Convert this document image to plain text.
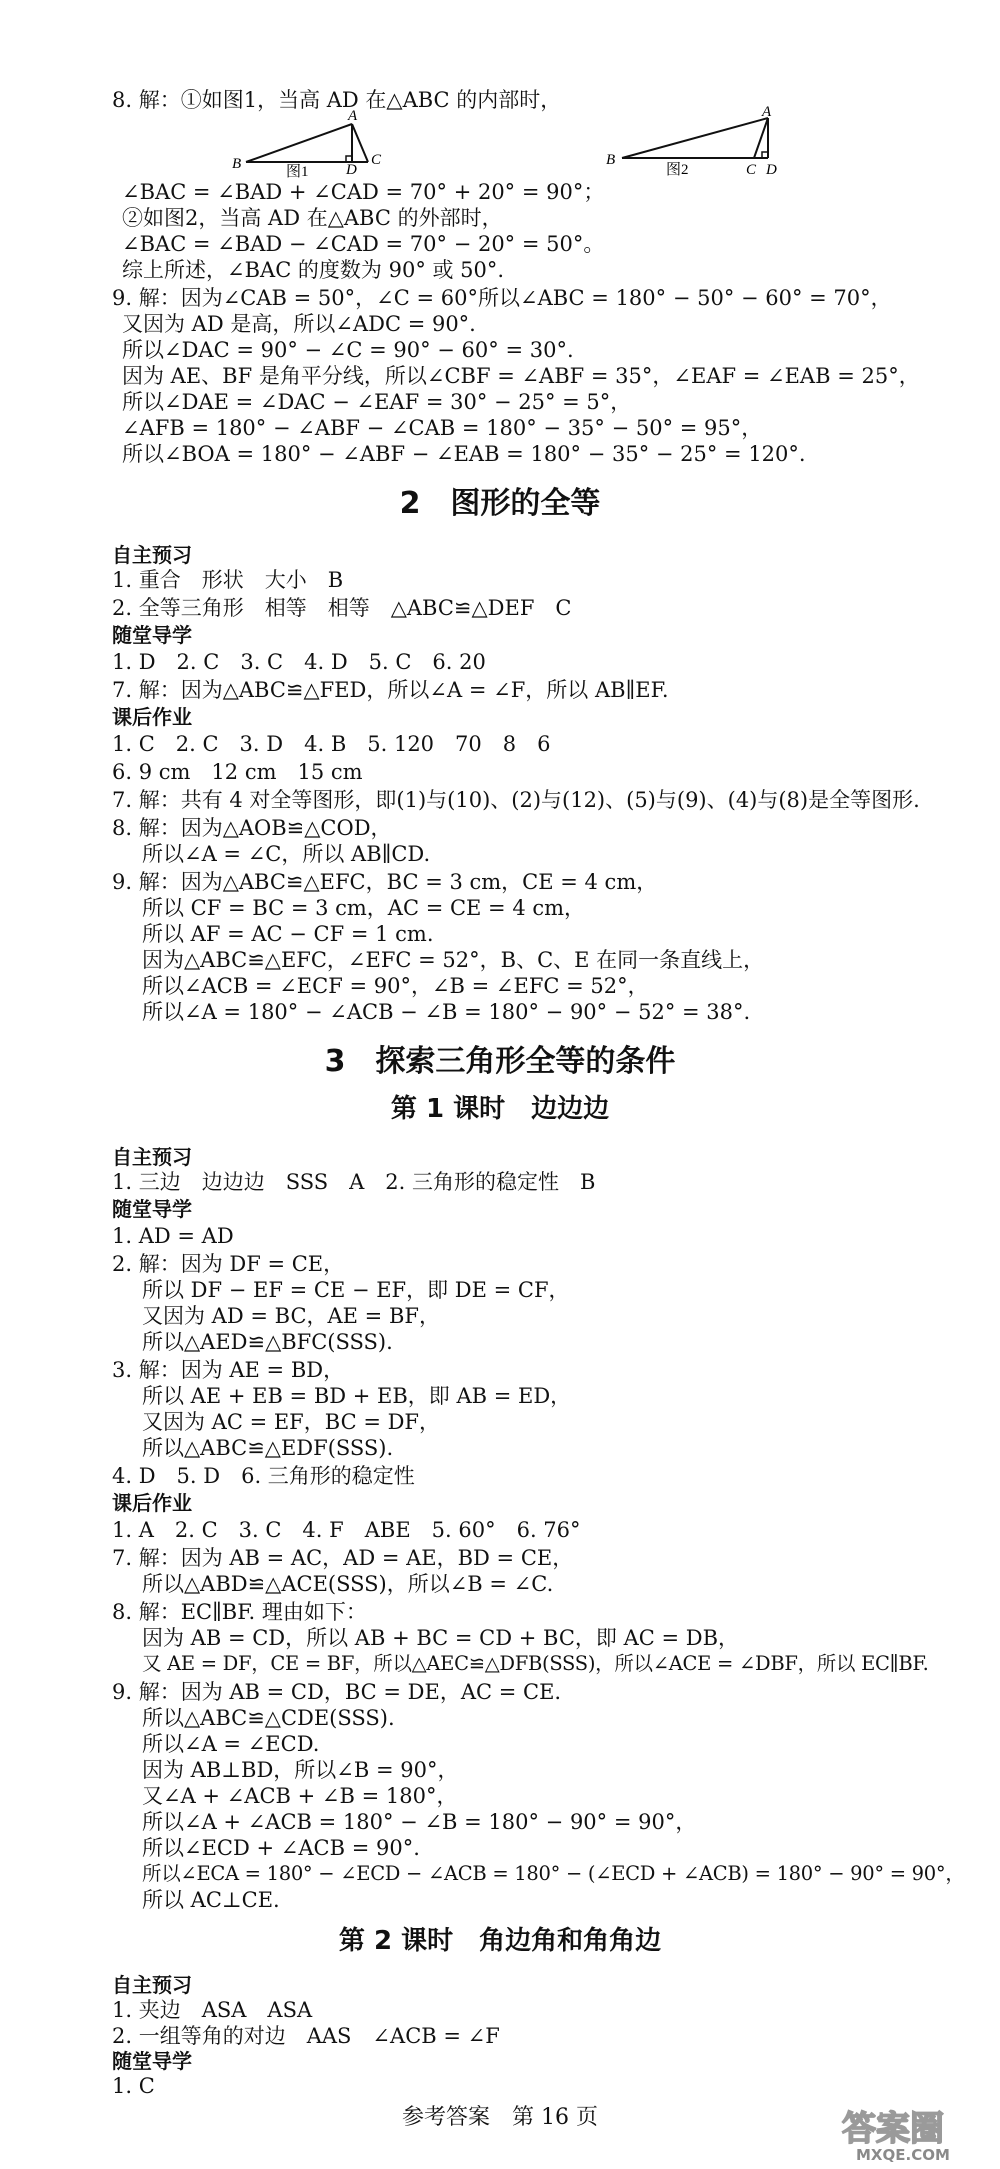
8. 解：①如图1，当高 AD 在△ABC 的内部时，
A
B	C
D
图1
A
B
C D
图2
∠BAC = ∠BAD + ∠CAD = 70° + 20° = 90°；
②如图2，当高 AD 在△ABC 的外部时，
∠BAC = ∠BAD − ∠CAD = 70° − 20° = 50°。
综上所述，∠BAC 的度数为 90° 或 50°.
9. 解：因为∠CAB = 50°，∠C = 60°所以∠ABC = 180° − 50° − 60° = 70°，
又因为 AD 是高，所以∠ADC = 90°.
所以∠DAC = 90° − ∠C = 90° − 60° = 30°.
因为 AE、BF 是角平分线，所以∠CBF = ∠ABF = 35°，∠EAF = ∠EAB = 25°，
所以∠DAE = ∠DAC − ∠EAF = 30° − 25° = 5°，
∠AFB = 180° − ∠ABF − ∠CAB = 180° − 35° − 50° = 95°，
所以∠BOA = 180° − ∠ABF − ∠EAB = 180° − 35° − 25° = 120°.
2　图形的全等
自主预习
1. 重合　形状　大小　B
2. 全等三角形　相等　相等　△ABC≌△DEF　C
随堂导学
1. D　2. C　3. C　4. D　5. C　6. 20
7. 解：因为△ABC≌△FED，所以∠A = ∠F，所以 AB∥EF.
课后作业
1. C　2. C　3. D　4. B　5. 120　70　8　6
6. 9 cm　12 cm　15 cm
7. 解：共有 4 对全等图形，即(1)与(10)、(2)与(12)、(5)与(9)、(4)与(8)是全等图形.
8. 解：因为△AOB≌△COD，
所以∠A = ∠C，所以 AB∥CD.
9. 解：因为△ABC≌△EFC，BC = 3 cm，CE = 4 cm，
所以 CF = BC = 3 cm，AC = CE = 4 cm，
所以 AF = AC − CF = 1 cm.
因为△ABC≌△EFC，∠EFC = 52°，B、C、E 在同一条直线上，
所以∠ACB = ∠ECF = 90°，∠B = ∠EFC = 52°，
所以∠A = 180° − ∠ACB − ∠B = 180° − 90° − 52° = 38°.
3　探索三角形全等的条件
第 1 课时　边边边
自主预习
1. 三边　边边边　SSS　A　2. 三角形的稳定性　B
随堂导学
1. AD = AD
2. 解：因为 DF = CE，
所以 DF − EF = CE − EF，即 DE = CF，
又因为 AD = BC，AE = BF，
所以△AED≌△BFC(SSS).
3. 解：因为 AE = BD，
所以 AE + EB = BD + EB，即 AB = ED，
又因为 AC = EF，BC = DF，
所以△ABC≌△EDF(SSS).
4. D　5. D　6. 三角形的稳定性
课后作业
1. A　2. C　3. C　4. F　ABE　5. 60°　6. 76°
7. 解：因为 AB = AC，AD = AE，BD = CE，
所以△ABD≌△ACE(SSS)，所以∠B = ∠C.
8. 解：EC∥BF. 理由如下：
因为 AB = CD，所以 AB + BC = CD + BC，即 AC = DB，
又 AE = DF，CE = BF，所以△AEC≌△DFB(SSS)，所以∠ACE = ∠DBF，所以 EC∥BF.
9. 解：因为 AB = CD，BC = DE，AC = CE.
所以△ABC≌△CDE(SSS).
所以∠A = ∠ECD.
因为 AB⊥BD，所以∠B = 90°，
又∠A + ∠ACB + ∠B = 180°，
所以∠A + ∠ACB = 180° − ∠B = 180° − 90° = 90°，
所以∠ECD + ∠ACB = 90°.
所以∠ECA = 180° − ∠ECD − ∠ACB = 180° − (∠ECD + ∠ACB) = 180° − 90° = 90°，
所以 AC⊥CE.
第 2 课时　角边角和角角边
自主预习
1. 夹边　ASA　ASA
2. 一组等角的对边　AAS　∠ACB = ∠F
随堂导学
1. C
参考答案　第 16 页	答案圈
MXQE.COM
